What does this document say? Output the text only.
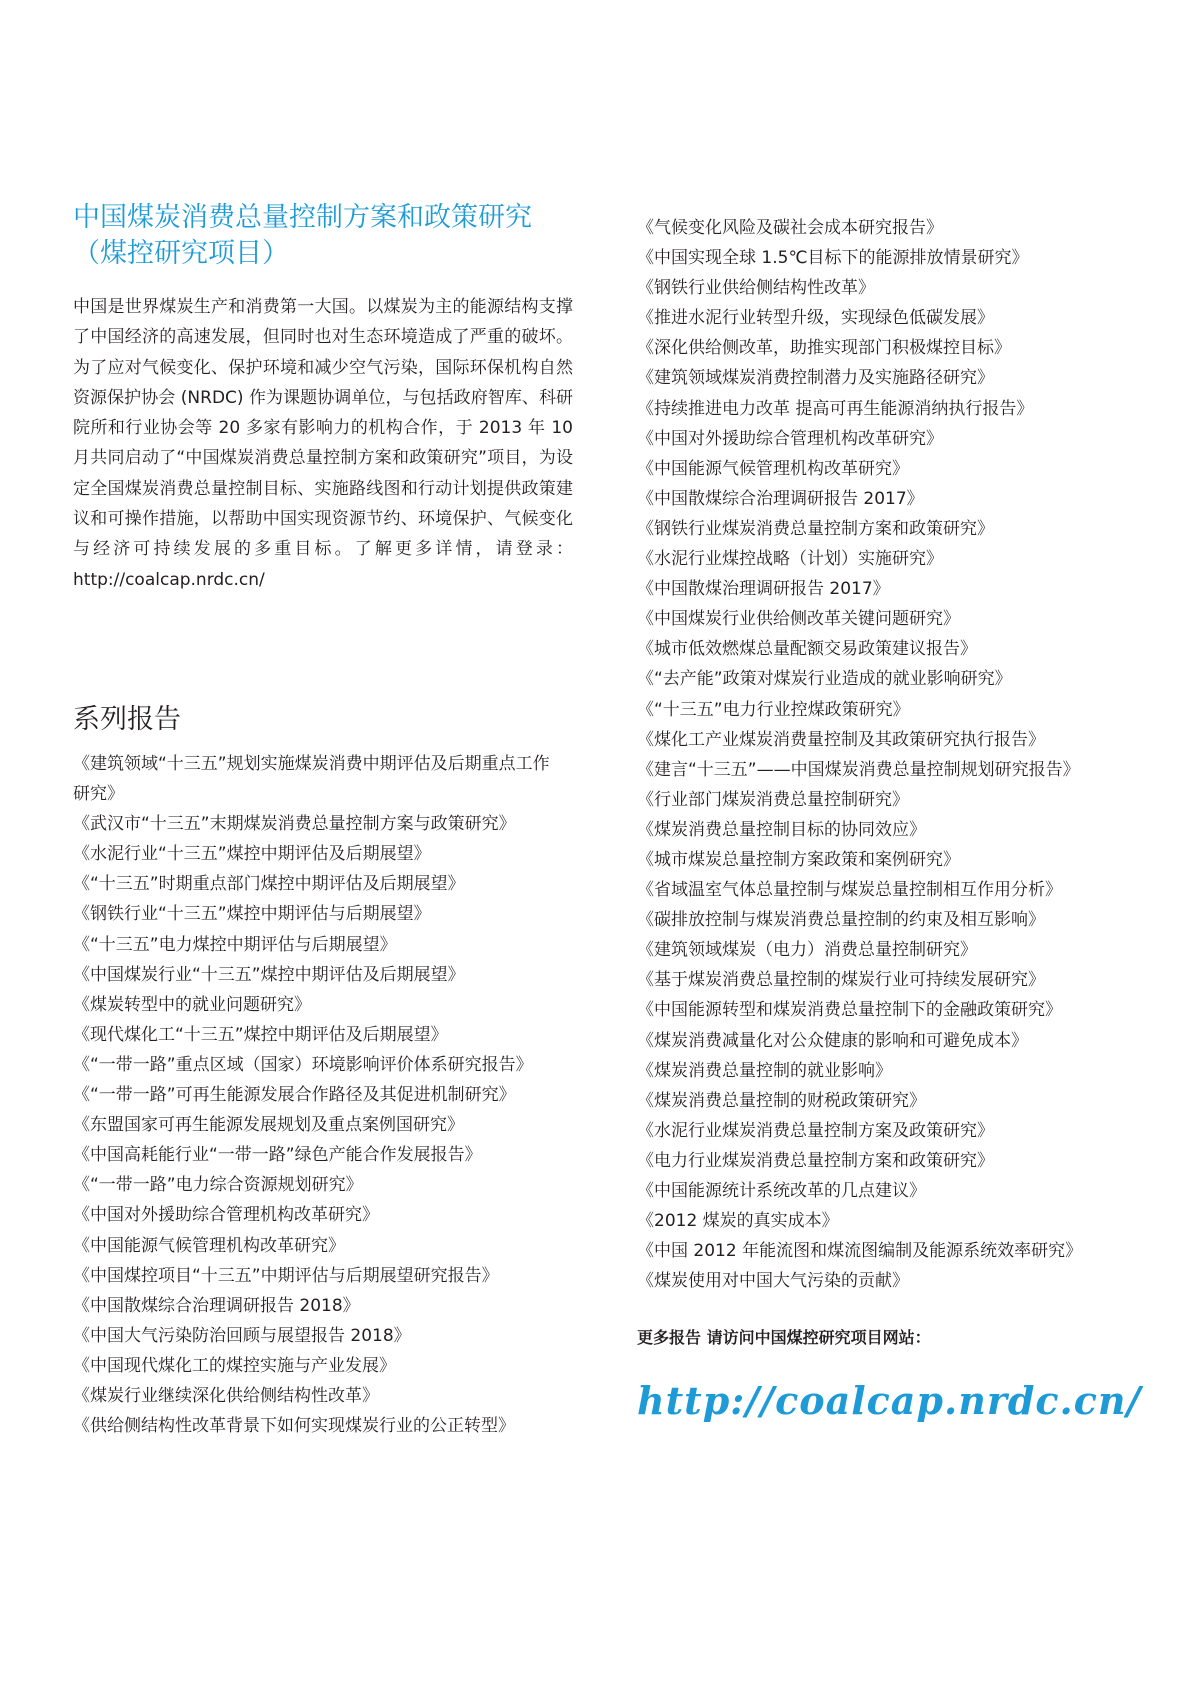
中国煤炭消费总量控制方案和政策研究
（煤控研究项目）

中国是世界煤炭生产和消费第一大国。以煤炭为主的能源结构支撑了中国经济的高速发展，但同时也对生态环境造成了严重的破坏。为了应对气候变化、保护环境和减少空气污染，国际环保机构自然资源保护协会 (NRDC) 作为课题协调单位，与包括政府智库、科研院所和行业协会等 20 多家有影响力的机构合作，于 2013 年 10 月共同启动了“中国煤炭消费总量控制方案和政策研究”项目，为设定全国煤炭消费总量控制目标、实施路线图和行动计划提供政策建议和可操作措施，以帮助中国实现资源节约、环境保护、气候变化与经济可持续发展的多重目标。了解更多详情，请登录：http://coalcap.nrdc.cn/

系列报告
《建筑领域“十三五”规划实施煤炭消费中期评估及后期重点工作研究》
《武汉市“十三五”末期煤炭消费总量控制方案与政策研究》
《水泥行业“十三五”煤控中期评估及后期展望》
《“十三五”时期重点部门煤控中期评估及后期展望》
《钢铁行业“十三五”煤控中期评估与后期展望》
《“十三五”电力煤控中期评估与后期展望》
《中国煤炭行业“十三五”煤控中期评估及后期展望》
《煤炭转型中的就业问题研究》
《现代煤化工“十三五”煤控中期评估及后期展望》
《“一带一路”重点区域（国家）环境影响评价体系研究报告》
《“一带一路”可再生能源发展合作路径及其促进机制研究》
《东盟国家可再生能源发展规划及重点案例国研究》
《中国高耗能行业“一带一路”绿色产能合作发展报告》
《“一带一路”电力综合资源规划研究》
《中国对外援助综合管理机构改革研究》
《中国能源气候管理机构改革研究》
《中国煤控项目“十三五”中期评估与后期展望研究报告》
《中国散煤综合治理调研报告 2018》
《中国大气污染防治回顾与展望报告 2018》
《中国现代煤化工的煤控实施与产业发展》
《煤炭行业继续深化供给侧结构性改革》
《供给侧结构性改革背景下如何实现煤炭行业的公正转型》
《气候变化风险及碳社会成本研究报告》
《中国实现全球 1.5℃目标下的能源排放情景研究》
《钢铁行业供给侧结构性改革》
《推进水泥行业转型升级，实现绿色低碳发展》
《深化供给侧改革，助推实现部门积极煤控目标》
《建筑领域煤炭消费控制潜力及实施路径研究》
《持续推进电力改革 提高可再生能源消纳执行报告》
《中国对外援助综合管理机构改革研究》
《中国能源气候管理机构改革研究》
《中国散煤综合治理调研报告 2017》
《钢铁行业煤炭消费总量控制方案和政策研究》
《水泥行业煤控战略（计划）实施研究》
《中国散煤治理调研报告 2017》
《中国煤炭行业供给侧改革关键问题研究》
《城市低效燃煤总量配额交易政策建议报告》
《“去产能”政策对煤炭行业造成的就业影响研究》
《“十三五”电力行业控煤政策研究》
《煤化工产业煤炭消费量控制及其政策研究执行报告》
《建言“十三五”——中国煤炭消费总量控制规划研究报告》
《行业部门煤炭消费总量控制研究》
《煤炭消费总量控制目标的协同效应》
《城市煤炭总量控制方案政策和案例研究》
《省域温室气体总量控制与煤炭总量控制相互作用分析》
《碳排放控制与煤炭消费总量控制的约束及相互影响》
《建筑领域煤炭（电力）消费总量控制研究》
《基于煤炭消费总量控制的煤炭行业可持续发展研究》
《中国能源转型和煤炭消费总量控制下的金融政策研究》
《煤炭消费减量化对公众健康的影响和可避免成本》
《煤炭消费总量控制的就业影响》
《煤炭消费总量控制的财税政策研究》
《水泥行业煤炭消费总量控制方案及政策研究》
《电力行业煤炭消费总量控制方案和政策研究》
《中国能源统计系统改革的几点建议》
《2012 煤炭的真实成本》
《中国 2012 年能流图和煤流图编制及能源系统效率研究》
《煤炭使用对中国大气污染的贡献》

更多报告 请访问中国煤控研究项目网站：

http://coalcap.nrdc.cn/
